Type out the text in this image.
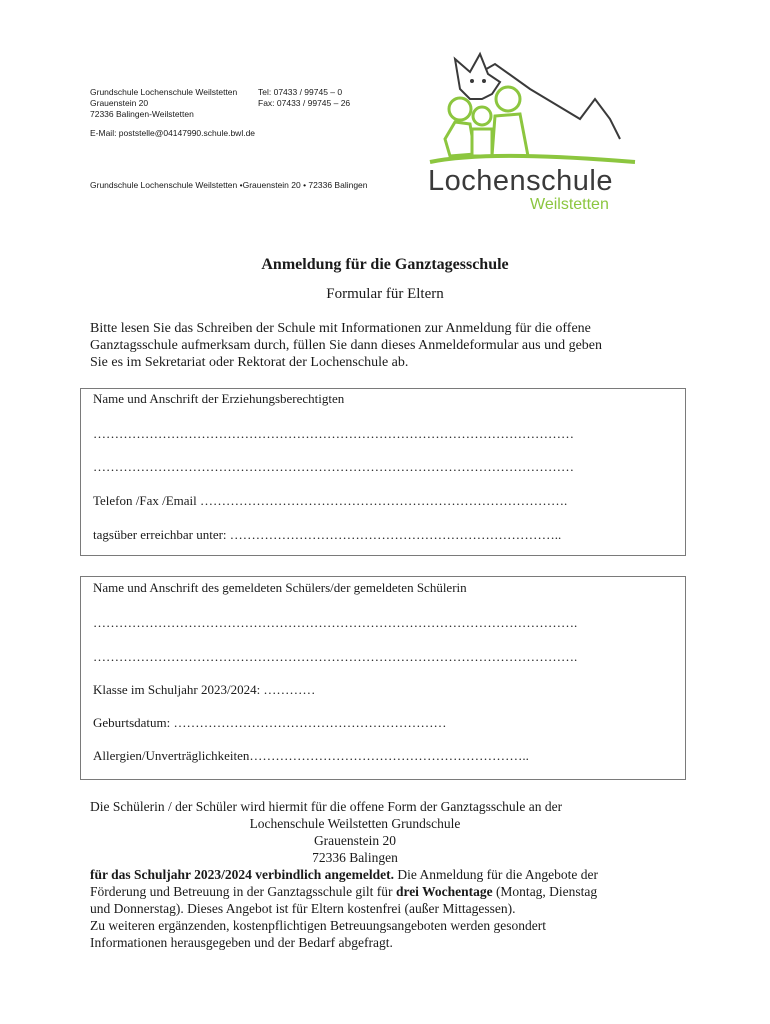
Grundschule Lochenschule Weilstetten
Grauenstein 20
72336 Balingen-Weilstetten
Tel: 07433 / 99745 – 0
Fax: 07433 / 99745 – 26
E-Mail: poststelle@04147990.schule.bwl.de
Grundschule Lochenschule Weilstetten •Grauenstein 20 • 72336 Balingen Lochenschule
Weilstetten
Anmeldung für die Ganztagesschule
Formular für Eltern
Bitte lesen Sie das Schreiben der Schule mit Informationen zur Anmeldung für die offene
Ganztagsschule aufmerksam durch, füllen Sie dann dieses Anmeldeformular aus und geben
Sie es im Sekretariat oder Rektorat der Lochenschule ab.
Name und Anschrift der Erziehungsberechtigten
…………………………………………………………………………………………………
…………………………………………………………………………………………………
Telefon /Fax /Email ………………………………………………………………………….
tagsüber erreichbar unter: …………………………………………………………………..
Name und Anschrift des gemeldeten Schülers/der gemeldeten Schülerin
………………………………………………………………………………………………….
………………………………………………………………………………………………….
Klasse im Schuljahr 2023/2024: …………
Geburtsdatum: ………………………………………………………
Allergien/Unverträglichkeiten………………………………………………………..
Die Schülerin / der Schüler wird hiermit für die offene Form der Ganztagsschule an der
Lochenschule Weilstetten Grundschule
Grauenstein 20
72336 Balingen
für das Schuljahr 2023/2024 verbindlich angemeldet. Die Anmeldung für die Angebote der
Förderung und Betreuung in der Ganztagsschule gilt für drei Wochentage (Montag, Dienstag
und Donnerstag). Dieses Angebot ist für Eltern kostenfrei (außer Mittagessen).
Zu weiteren ergänzenden, kostenpflichtigen Betreuungsangeboten werden gesondert
Informationen herausgegeben und der Bedarf abgefragt.
